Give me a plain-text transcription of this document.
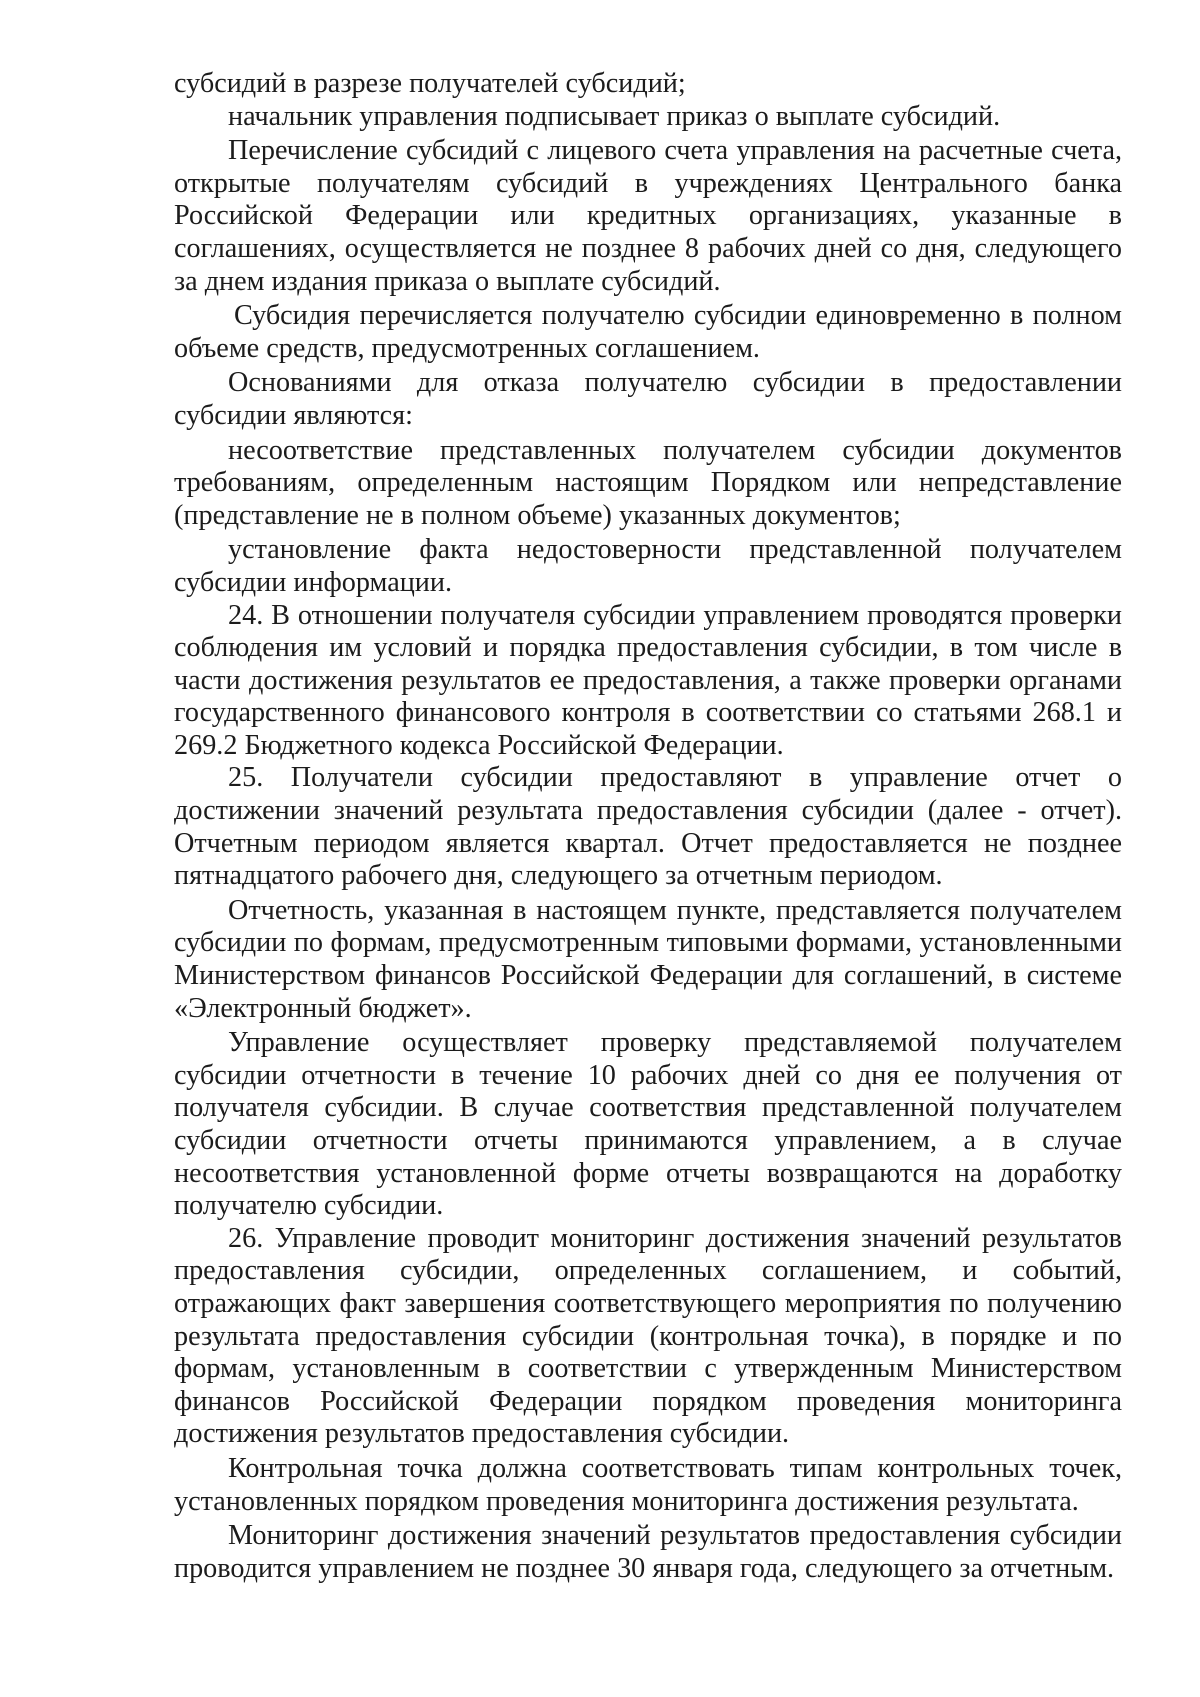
субсидий в разрезе получателей субсидий;

начальник управления подписывает приказ о выплате субсидий.

Перечисление субсидий с лицевого счета управления на расчетные счета, открытые получателям субсидий в учреждениях Центрального банка Российской Федерации или кредитных организациях, указанные в соглашениях, осуществляется не позднее 8 рабочих дней со дня, следующего за днем издания приказа о выплате субсидий.

Субсидия перечисляется получателю субсидии единовременно в полном объеме средств, предусмотренных соглашением.

Основаниями для отказа получателю субсидии в предоставлении субсидии являются:

несоответствие представленных получателем субсидии документов требованиям, определенным настоящим Порядком или непредставление (представление не в полном объеме) указанных документов;

установление факта недостоверности представленной получателем субсидии информации.

24. В отношении получателя субсидии управлением проводятся проверки соблюдения им условий и порядка предоставления субсидии, в том числе в части достижения результатов ее предоставления, а также проверки органами государственного финансового контроля в соответствии со статьями 268.1 и 269.2 Бюджетного кодекса Российской Федерации.

25. Получатели субсидии предоставляют в управление отчет о достижении значений результата предоставления субсидии (далее - отчет). Отчетным периодом является квартал. Отчет предоставляется не позднее пятнадцатого рабочего дня, следующего за отчетным периодом.

Отчетность, указанная в настоящем пункте, представляется получателем субсидии по формам, предусмотренным типовыми формами, установленными Министерством финансов Российской Федерации для соглашений, в системе «Электронный бюджет».

Управление осуществляет проверку представляемой получателем субсидии отчетности в течение 10 рабочих дней со дня ее получения от получателя субсидии. В случае соответствия представленной получателем субсидии отчетности отчеты принимаются управлением, а в случае несоответствия установленной форме отчеты возвращаются на доработку получателю субсидии.

26. Управление проводит мониторинг достижения значений результатов предоставления субсидии, определенных соглашением, и событий, отражающих факт завершения соответствующего мероприятия по получению результата предоставления субсидии (контрольная точка), в порядке и по формам, установленным в соответствии с утвержденным Министерством финансов Российской Федерации порядком проведения мониторинга достижения результатов предоставления субсидии.

Контрольная точка должна соответствовать типам контрольных точек, установленных порядком проведения мониторинга достижения результата.

Мониторинг достижения значений результатов предоставления субсидии проводится управлением не позднее 30 января года, следующего за отчетным.
